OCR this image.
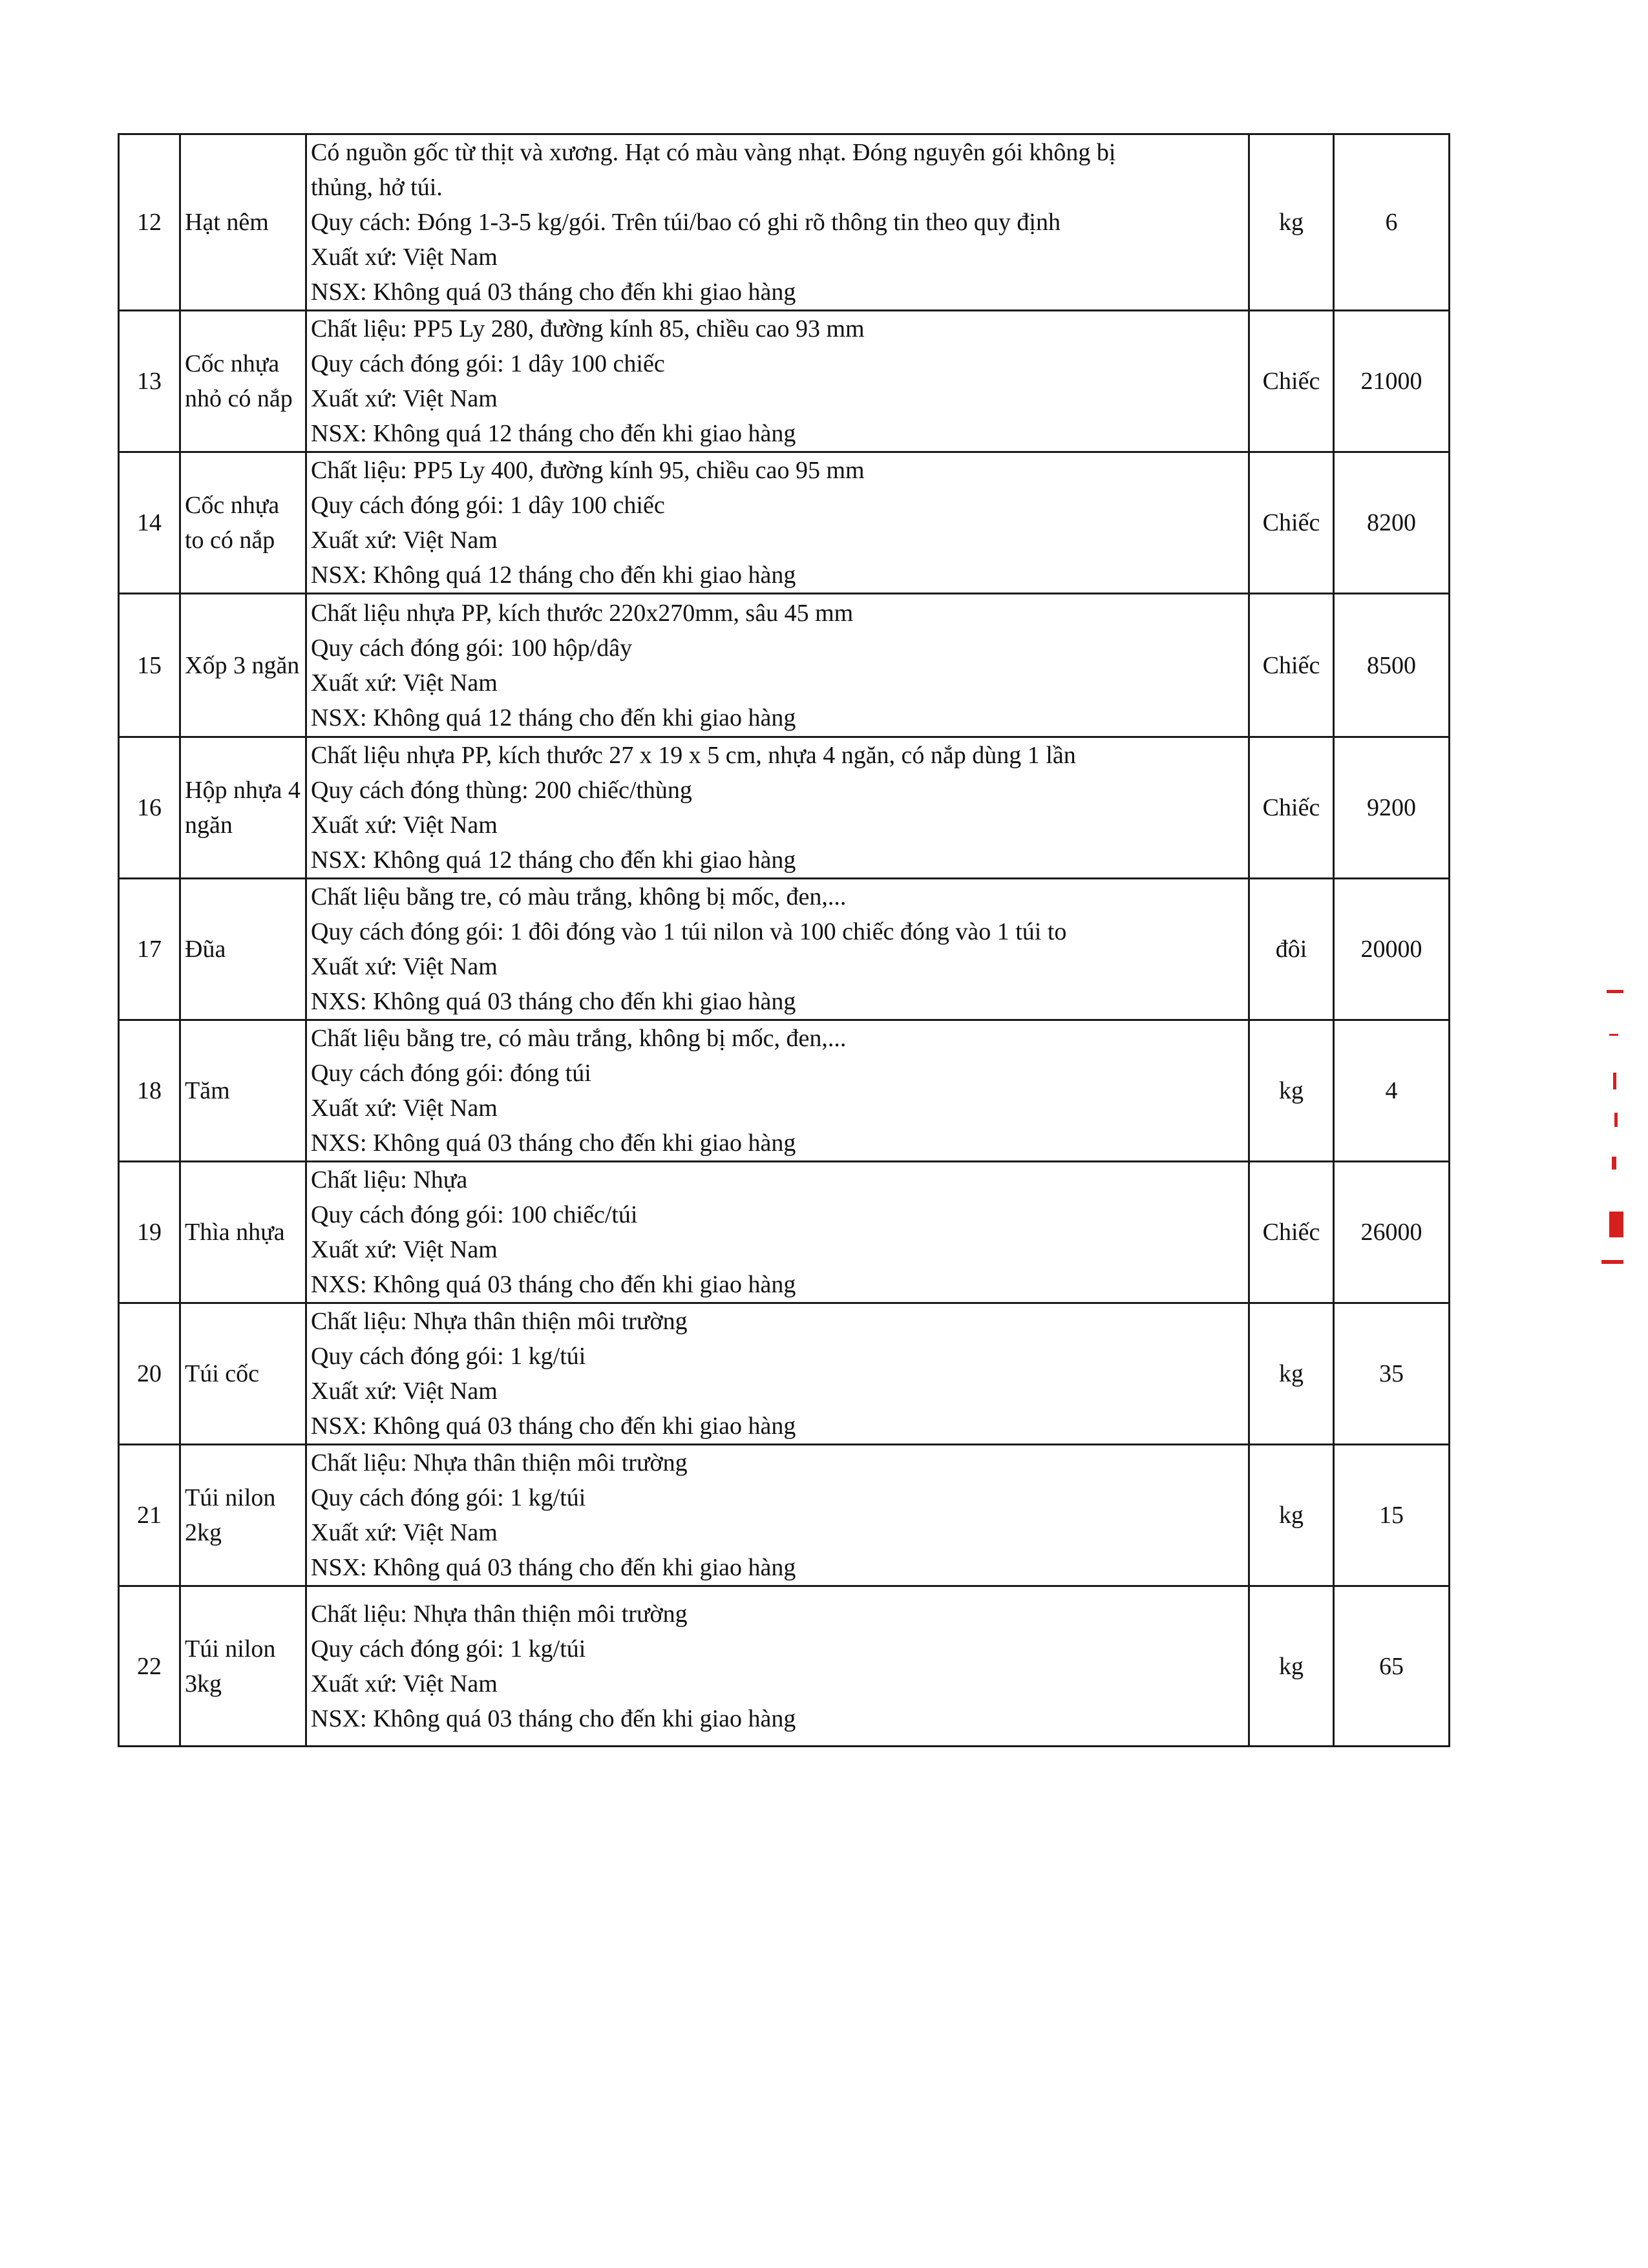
12	Hạt nêm	Có nguồn gốc từ thịt và xương. Hạt có màu vàng nhạt. Đóng nguyên gói không bị
thủng, hở túi.
Quy cách: Đóng 1-3-5 kg/gói. Trên túi/bao có ghi rõ thông tin theo quy định
Xuất xứ: Việt Nam
NSX: Không quá 03 tháng cho đến khi giao hàng	kg	6
13	Cốc nhựa nhỏ có nắp	Chất liệu: PP5 Ly 280, đường kính 85, chiều cao 93 mm
Quy cách đóng gói: 1 dây 100 chiếc
Xuất xứ: Việt Nam
NSX: Không quá 12 tháng cho đến khi giao hàng	Chiếc	21000
14	Cốc nhựa to có nắp	Chất liệu: PP5 Ly 400, đường kính 95, chiều cao 95 mm
Quy cách đóng gói: 1 dây 100 chiếc
Xuất xứ: Việt Nam
NSX: Không quá 12 tháng cho đến khi giao hàng	Chiếc	8200
15	Xốp 3 ngăn	Chất liệu nhựa PP, kích thước 220x270mm, sâu 45 mm
Quy cách đóng gói: 100 hộp/dây
Xuất xứ: Việt Nam
NSX: Không quá 12 tháng cho đến khi giao hàng	Chiếc	8500
16	Hộp nhựa 4 ngăn	Chất liệu nhựa PP, kích thước 27 x 19 x 5 cm, nhựa 4 ngăn, có nắp dùng 1 lần
Quy cách đóng thùng: 200 chiếc/thùng
Xuất xứ: Việt Nam
NSX: Không quá 12 tháng cho đến khi giao hàng	Chiếc	9200
17	Đũa	Chất liệu bằng tre, có màu trắng, không bị mốc, đen,...
Quy cách đóng gói: 1 đôi đóng vào 1 túi nilon và 100 chiếc đóng vào 1 túi to
Xuất xứ: Việt Nam
NXS: Không quá 03 tháng cho đến khi giao hàng	đôi	20000
18	Tăm	Chất liệu bằng tre, có màu trắng, không bị mốc, đen,...
Quy cách đóng gói: đóng túi
Xuất xứ: Việt Nam
NXS: Không quá 03 tháng cho đến khi giao hàng	kg	4
19	Thìa nhựa	Chất liệu: Nhựa
Quy cách đóng gói: 100 chiếc/túi
Xuất xứ: Việt Nam
NXS: Không quá 03 tháng cho đến khi giao hàng	Chiếc	26000
20	Túi cốc	Chất liệu: Nhựa thân thiện môi trường
Quy cách đóng gói: 1 kg/túi
Xuất xứ: Việt Nam
NSX: Không quá 03 tháng cho đến khi giao hàng	kg	35
21	Túi nilon 2kg	Chất liệu: Nhựa thân thiện môi trường
Quy cách đóng gói: 1 kg/túi
Xuất xứ: Việt Nam
NSX: Không quá 03 tháng cho đến khi giao hàng	kg	15
22	Túi nilon 3kg	Chất liệu: Nhựa thân thiện môi trường
Quy cách đóng gói: 1 kg/túi
Xuất xứ: Việt Nam
NSX: Không quá 03 tháng cho đến khi giao hàng	kg	65
